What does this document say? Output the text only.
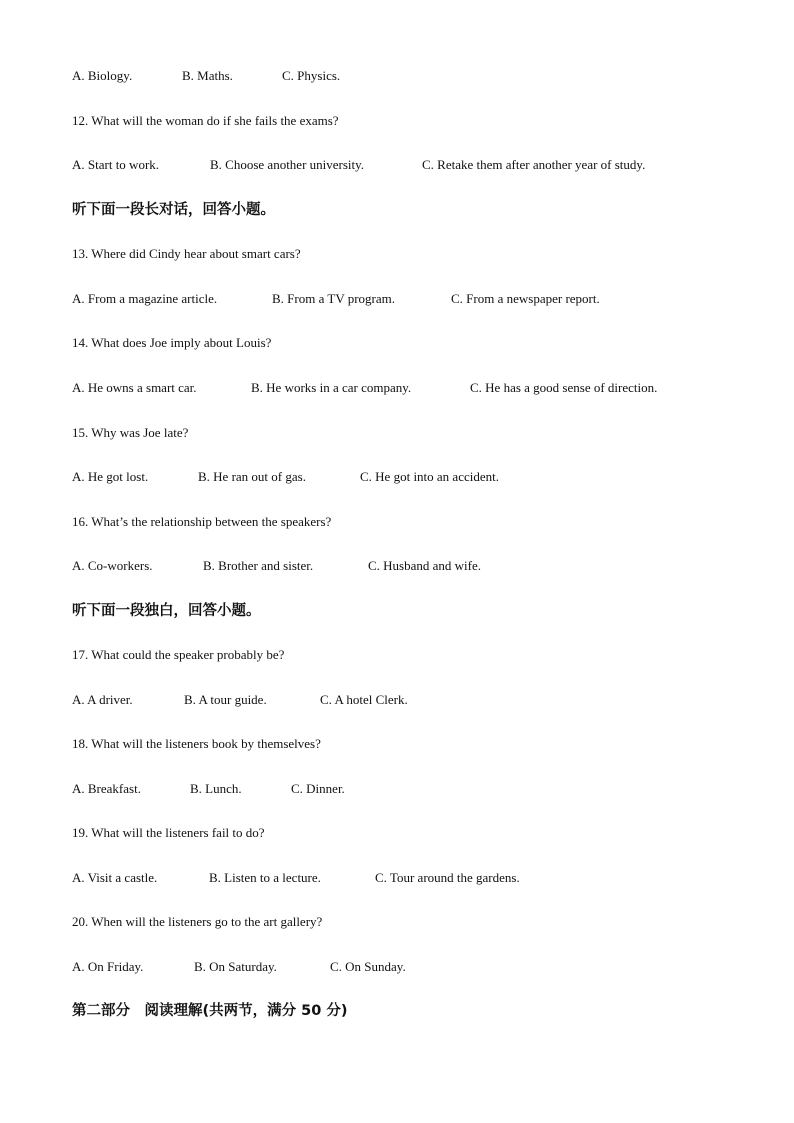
A. Biology.	B. Maths.	C. Physics.
12. What will the woman do if she fails the exams?
A. Start to work.	B. Choose another university.	C. Retake them after another year of study.
听下面一段长对话，回答小题。
13. Where did Cindy hear about smart cars?
A. From a magazine article.	B. From a TV program.	C. From a newspaper report.
14. What does Joe imply about Louis?
A. He owns a smart car.	B. He works in a car company.	C. He has a good sense of direction.
15. Why was Joe late?
A. He got lost.	B. He ran out of gas.	C. He got into an accident.
16. What’s the relationship between the speakers?
A. Co-workers.	B. Brother and sister.	C. Husband and wife.
听下面一段独白，回答小题。
17. What could the speaker probably be?
A. A driver.	B. A tour guide.	C. A hotel Clerk.
18. What will the listeners book by themselves?
A. Breakfast.	B. Lunch.	C. Dinner.
19. What will the listeners fail to do?
A. Visit a castle.	B. Listen to a lecture.	C. Tour around the gardens.
20. When will the listeners go to the art gallery?
A. On Friday.	B. On Saturday.	C. On Sunday.
第二部分　阅读理解(共两节，满分 50 分)
